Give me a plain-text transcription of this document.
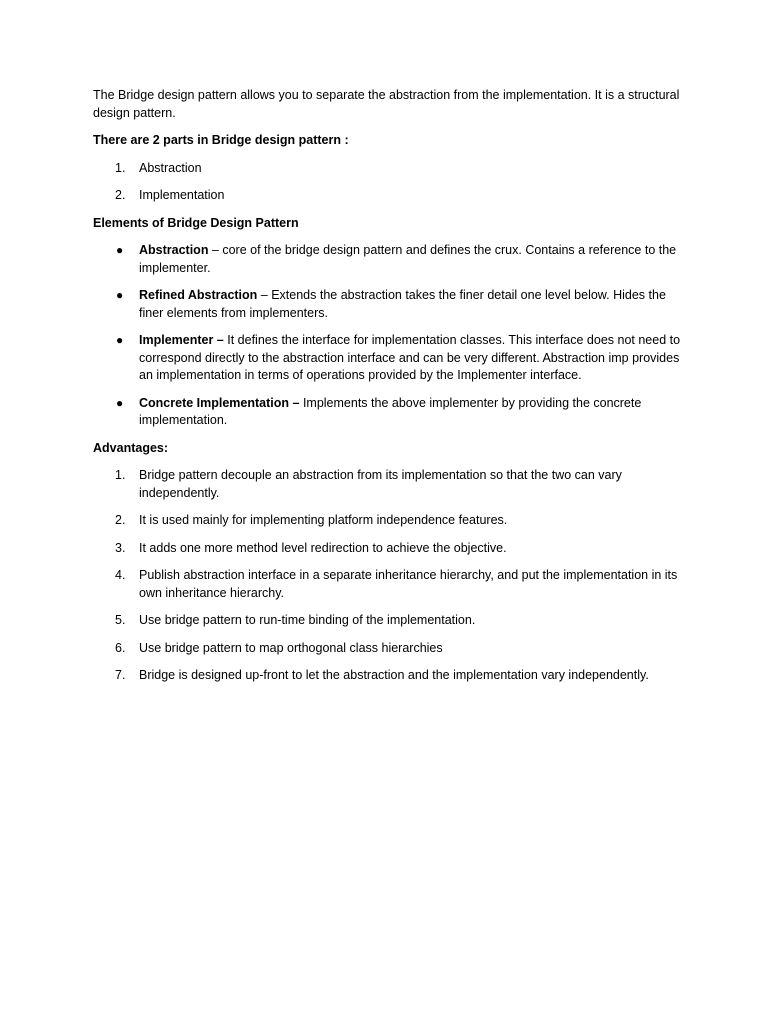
The Bridge design pattern allows you to separate the abstraction from the implementation. It is a structural design pattern.

There are 2 parts in Bridge design pattern :

1. Abstraction
2. Implementation

Elements of Bridge Design Pattern

● Abstraction – core of the bridge design pattern and defines the crux. Contains a reference to the implementer.
● Refined Abstraction – Extends the abstraction takes the finer detail one level below. Hides the finer elements from implementers.
● Implementer – It defines the interface for implementation classes. This interface does not need to correspond directly to the abstraction interface and can be very different. Abstraction imp provides an implementation in terms of operations provided by the Implementer interface.
● Concrete Implementation – Implements the above implementer by providing the concrete implementation.

Advantages:

1. Bridge pattern decouple an abstraction from its implementation so that the two can vary independently.
2. It is used mainly for implementing platform independence features.
3. It adds one more method level redirection to achieve the objective.
4. Publish abstraction interface in a separate inheritance hierarchy, and put the implementation in its own inheritance hierarchy.
5. Use bridge pattern to run-time binding of the implementation.
6. Use bridge pattern to map orthogonal class hierarchies
7. Bridge is designed up-front to let the abstraction and the implementation vary independently.
